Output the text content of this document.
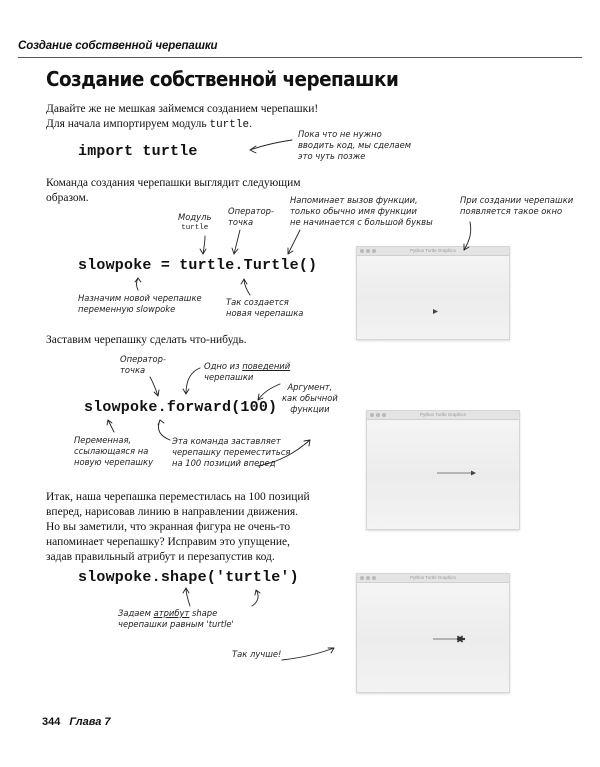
Создание собственной черепашки
Создание собственной черепашки
Давайте же не мешкая займемся созданием черепашки!
Для начала импортируем модуль turtle.
import turtle
Пока что не нужно
вводить код, мы сделаем
это чуть позже
Команда создания черепашки выглядит следующим
образом.
Модуль
turtle
Оператор-
точка
Напоминает вызов функции,
только обычно имя функции
не начинается с большой буквы
При создании черепашки
появляется такое окно
slowpoke = turtle.Turtle()
Назначим новой черепашке
переменную slowpoke
Так создается
новая черепашка
Python Turtle Graphics
Заставим черепашку сделать что-нибудь.
Оператор-
точка	Одно из поведений
черепашки
Аргумент,
как обычной
функции
slowpoke.forward(100)
Переменная,
ссылающаяся на
новую черепашку
Эта команда заставляет
черепашку переместиться
на 100 позиций вперед
Python Turtle Graphics
Итак, наша черепашка переместилась на 100 позиций
вперед, нарисовав линию в направлении движения.
Но вы заметили, что экранная фигура не очень-то
напоминает черепашку? Исправим это упущение,
задав правильный атрибут и перезапустив код.
slowpoke.shape('turtle')
Задаем атрибут shape
черепашки равным 'turtle'
Так лучше!
Python Turtle Graphics
344 Глава 7
